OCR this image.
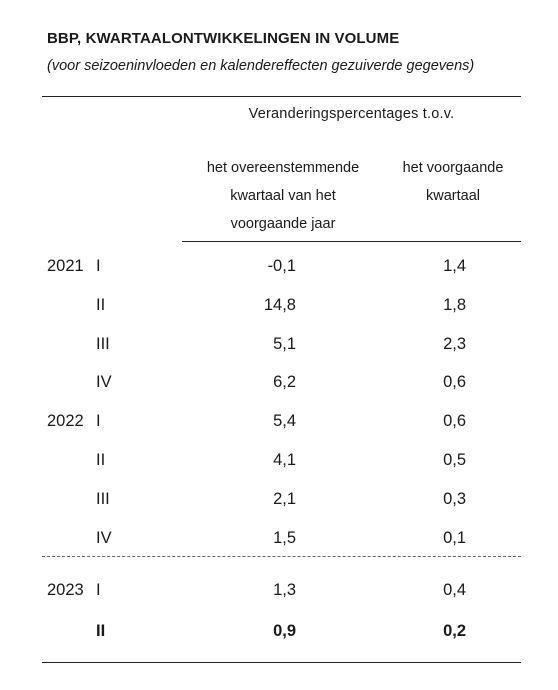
BBP, KWARTAALONTWIKKELINGEN IN VOLUME
(voor seizoeninvloeden en kalendereffecten gezuiverde gegevens)
Veranderingspercentages t.o.v.
het overeenstemmende kwartaal van het voorgaande jaar
het voorgaande kwartaal
2021 I	-0,1	1,4
II	14,8	1,8
III	5,1	2,3
IV	6,2	0,6
2022 I	5,4	0,6
II	4,1	0,5
III	2,1	0,3
IV	1,5	0,1
2023 I	1,3	0,4
II	0,9	0,2
